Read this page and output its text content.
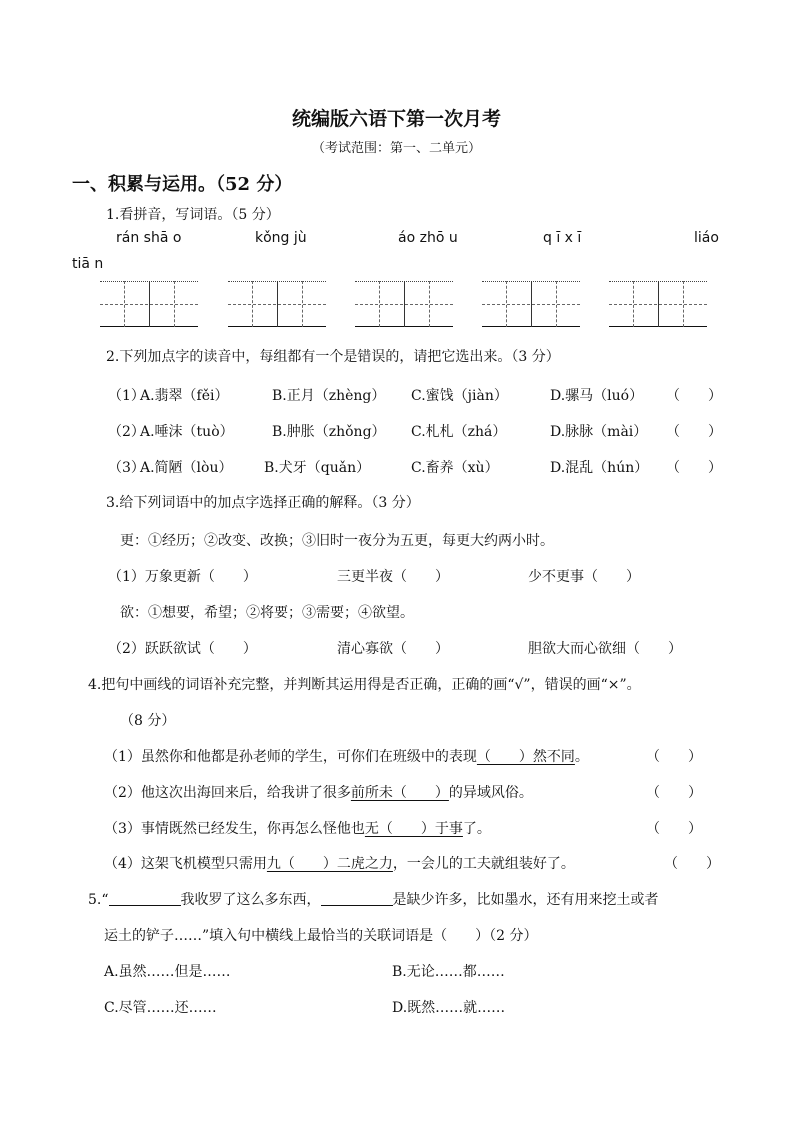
统编版六语下第一次月考
（考试范围：第一、二单元）
一、积累与运用。（52 分）
1.看拼音，写词语。（5 分）
rán shā o	kǒng jù	áo zhō u	q ī x ī	liáo
tiā n
2.下列加点字的读音中，每组都有一个是错误的，请把它选出来。（3 分）
（1）
A.翡翠（fěi）	B.正月（zhèng） C.蜜饯（jiàn）	D.骡马（luó） （　　）
（2）
A.唾沫（tuò）	B.肿胀（zhǒng） C.札札（zhá）	D.脉脉（mài） （　　）
（3）
A.简陋（lòu） B.犬牙（quǎn）	C.畜养（xù）	D.混乱（hún） （　　）
3.给下列词语中的加点字选择正确的解释。（3 分）
更：①经历；②改变、改换；③旧时一夜分为五更，每更大约两小时。
（1）万象更新（　　）	三更半夜（　　）	少不更事（　　）
欲：①想要，希望；②将要；③需要；④欲望。
（2）跃跃欲试（　　）	清心寡欲（　　）	胆欲大而心欲细（　　）
4.把句中画线的词语补充完整，并判断其运用得是否正确，正确的画“√”，错误的画“×”。
（8 分）
（1）虽然你和他都是孙老师的学生，可你们在班级中的表现（　　）然不同。	（　　）
（2）他这次出海回来后，给我讲了很多前所未（　　）的异域风俗。	（　　）
（3）事情既然已经发生，你再怎么怪他也无（　　）于事了。	（　　）
（4）这架飞机模型只需用九（　　）二虎之力，一会儿的工夫就组装好了。	（　　）
5.“	我收罗了这么多东西，	是缺少许多，比如墨水，还有用来挖土或者
运土的铲子……”填入句中横线上最恰当的关联词语是（　　）（2 分）
A.虽然……但是……	B.无论……都……
C.尽管……还……	D.既然……就……
